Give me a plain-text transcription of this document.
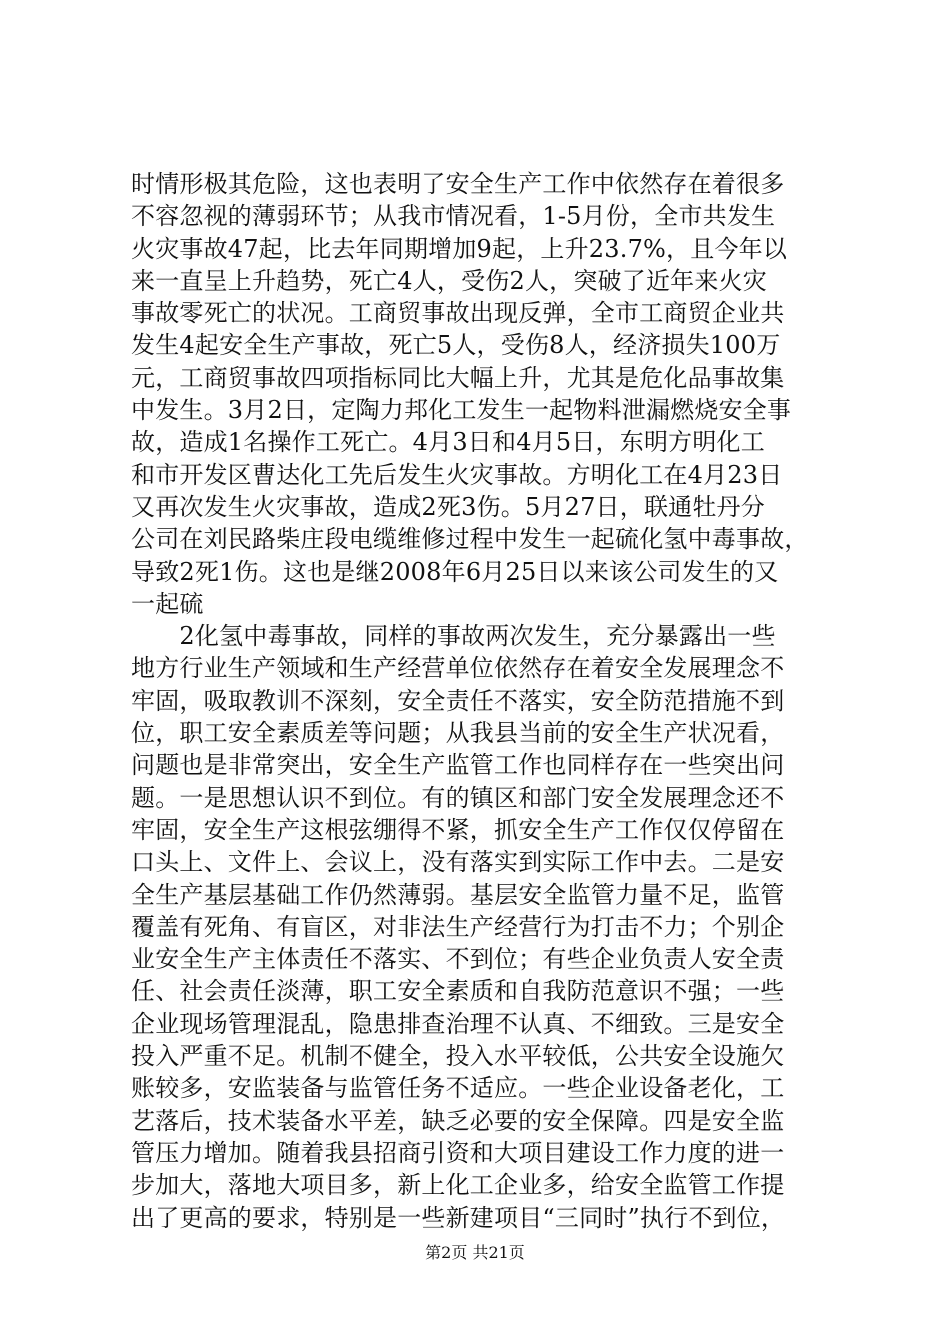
时情形极其危险，这也表明了安全生产工作中依然存在着很多
不容忽视的薄弱环节；从我市情况看，1-5月份，全市共发生
火灾事故47起，比去年同期增加9起，上升23.7%，且今年以
来一直呈上升趋势，死亡4人，受伤2人，突破了近年来火灾
事故零死亡的状况。工商贸事故出现反弹，全市工商贸企业共
发生4起安全生产事故，死亡5人，受伤8人，经济损失100万
元，工商贸事故四项指标同比大幅上升，尤其是危化品事故集
中发生。3月2日，定陶力邦化工发生一起物料泄漏燃烧安全事
故，造成1名操作工死亡。4月3日和4月5日，东明方明化工
和市开发区曹达化工先后发生火灾事故。方明化工在4月23日
又再次发生火灾事故，造成2死3伤。5月27日，联通牡丹分
公司在刘民路柴庄段电缆维修过程中发生一起硫化氢中毒事故，
导致2死1伤。这也是继2008年6月25日以来该公司发生的又
一起硫
　　2化氢中毒事故，同样的事故两次发生，充分暴露出一些
地方行业生产领域和生产经营单位依然存在着安全发展理念不
牢固，吸取教训不深刻，安全责任不落实，安全防范措施不到
位，职工安全素质差等问题；从我县当前的安全生产状况看，
问题也是非常突出，安全生产监管工作也同样存在一些突出问
题。一是思想认识不到位。有的镇区和部门安全发展理念还不
牢固，安全生产这根弦绷得不紧，抓安全生产工作仅仅停留在
口头上、文件上、会议上，没有落实到实际工作中去。二是安
全生产基层基础工作仍然薄弱。基层安全监管力量不足，监管
覆盖有死角、有盲区，对非法生产经营行为打击不力；个别企
业安全生产主体责任不落实、不到位；有些企业负责人安全责
任、社会责任淡薄，职工安全素质和自我防范意识不强；一些
企业现场管理混乱，隐患排查治理不认真、不细致。三是安全
投入严重不足。机制不健全，投入水平较低，公共安全设施欠
账较多，安监装备与监管任务不适应。一些企业设备老化，工
艺落后，技术装备水平差，缺乏必要的安全保障。四是安全监
管压力增加。随着我县招商引资和大项目建设工作力度的进一
步加大，落地大项目多，新上化工企业多，给安全监管工作提
出了更高的要求，特别是一些新建项目“三同时”执行不到位，
第2页 共21页
